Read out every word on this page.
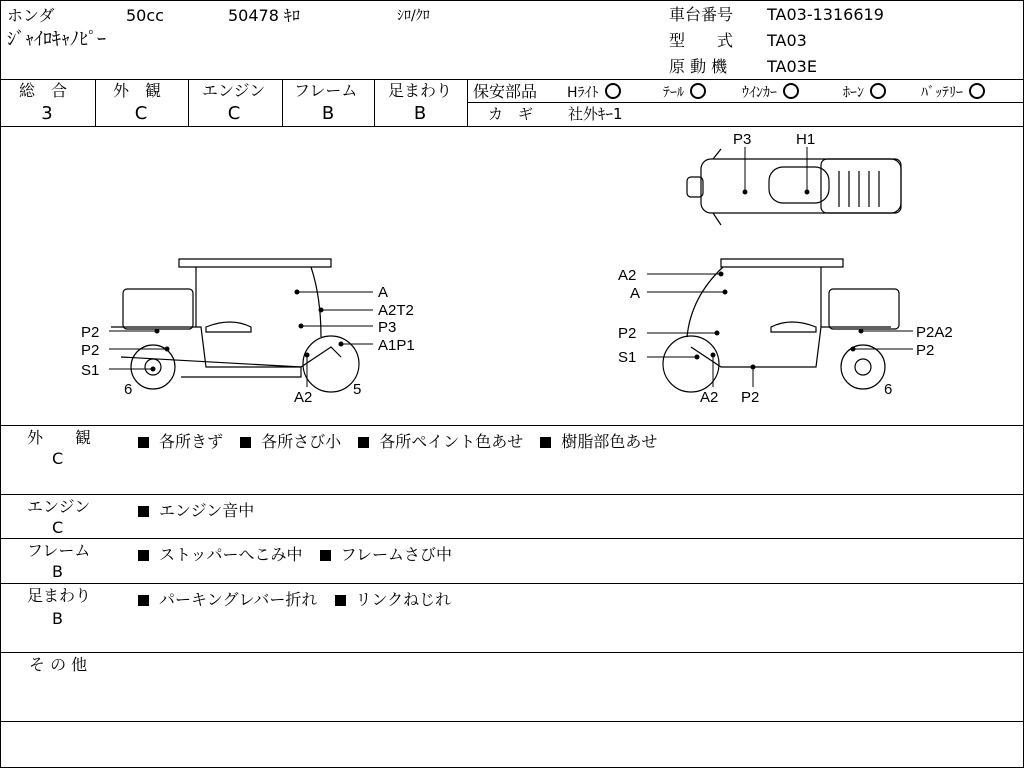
ホンダ	50cc	50478 ｷﾛ	ｼﾛ/ｸﾛ
ｼﾞｬｲﾛｷｬﾉﾋﾟｰ
車台番号 TA03-1316619
型　　式 TA03
原 動 機 TA03E
総　合
3
外　観
C
エンジン
C
フレーム
B
足まわり
B
保安部品 Hﾗｲﾄ	ﾃｰﾙ	ｳｲﾝｶｰ	ﾎｰﾝ	ﾊﾞｯﾃﾘｰ
カ　ギ 社外ｷｰ1
P3	H1
A
A2T2
P3
A1P1
P2
P2
S1
6	A2	5
A2
A
P2
S1
P2A2
P2
A2 P2	6
外　　観
C
各所きず 各所さび小 各所ペイント色あせ 樹脂部色あせ
エンジン
C
エンジン音中
フレーム
B
ストッパーへこみ中 フレームさび中
足まわり
B
パーキングレバー折れ リンクねじれ
そ の 他
